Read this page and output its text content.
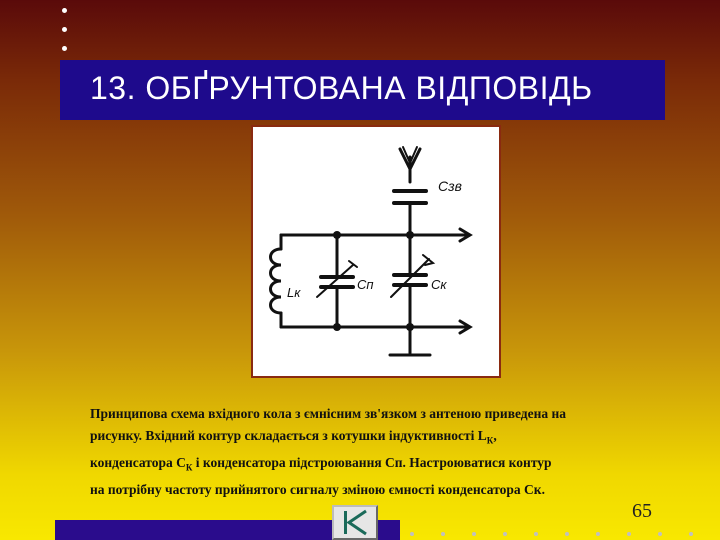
13. ОБҐРУНТОВАНА ВІДПОВІДЬ
Сзв
Lк
Сп	Ск
Принципова схема вхідного кола з ємнісним зв'язком з антеною приведена на
рисунку. Вхідний контур складається з котушки індуктивності $L_К$,
конденсатора $С_К$ і конденсатора підстроювання Сп. Настроюватися контур
на потрібну частоту прийнятого сигналу зміною ємності конденсатора Ск.
65
